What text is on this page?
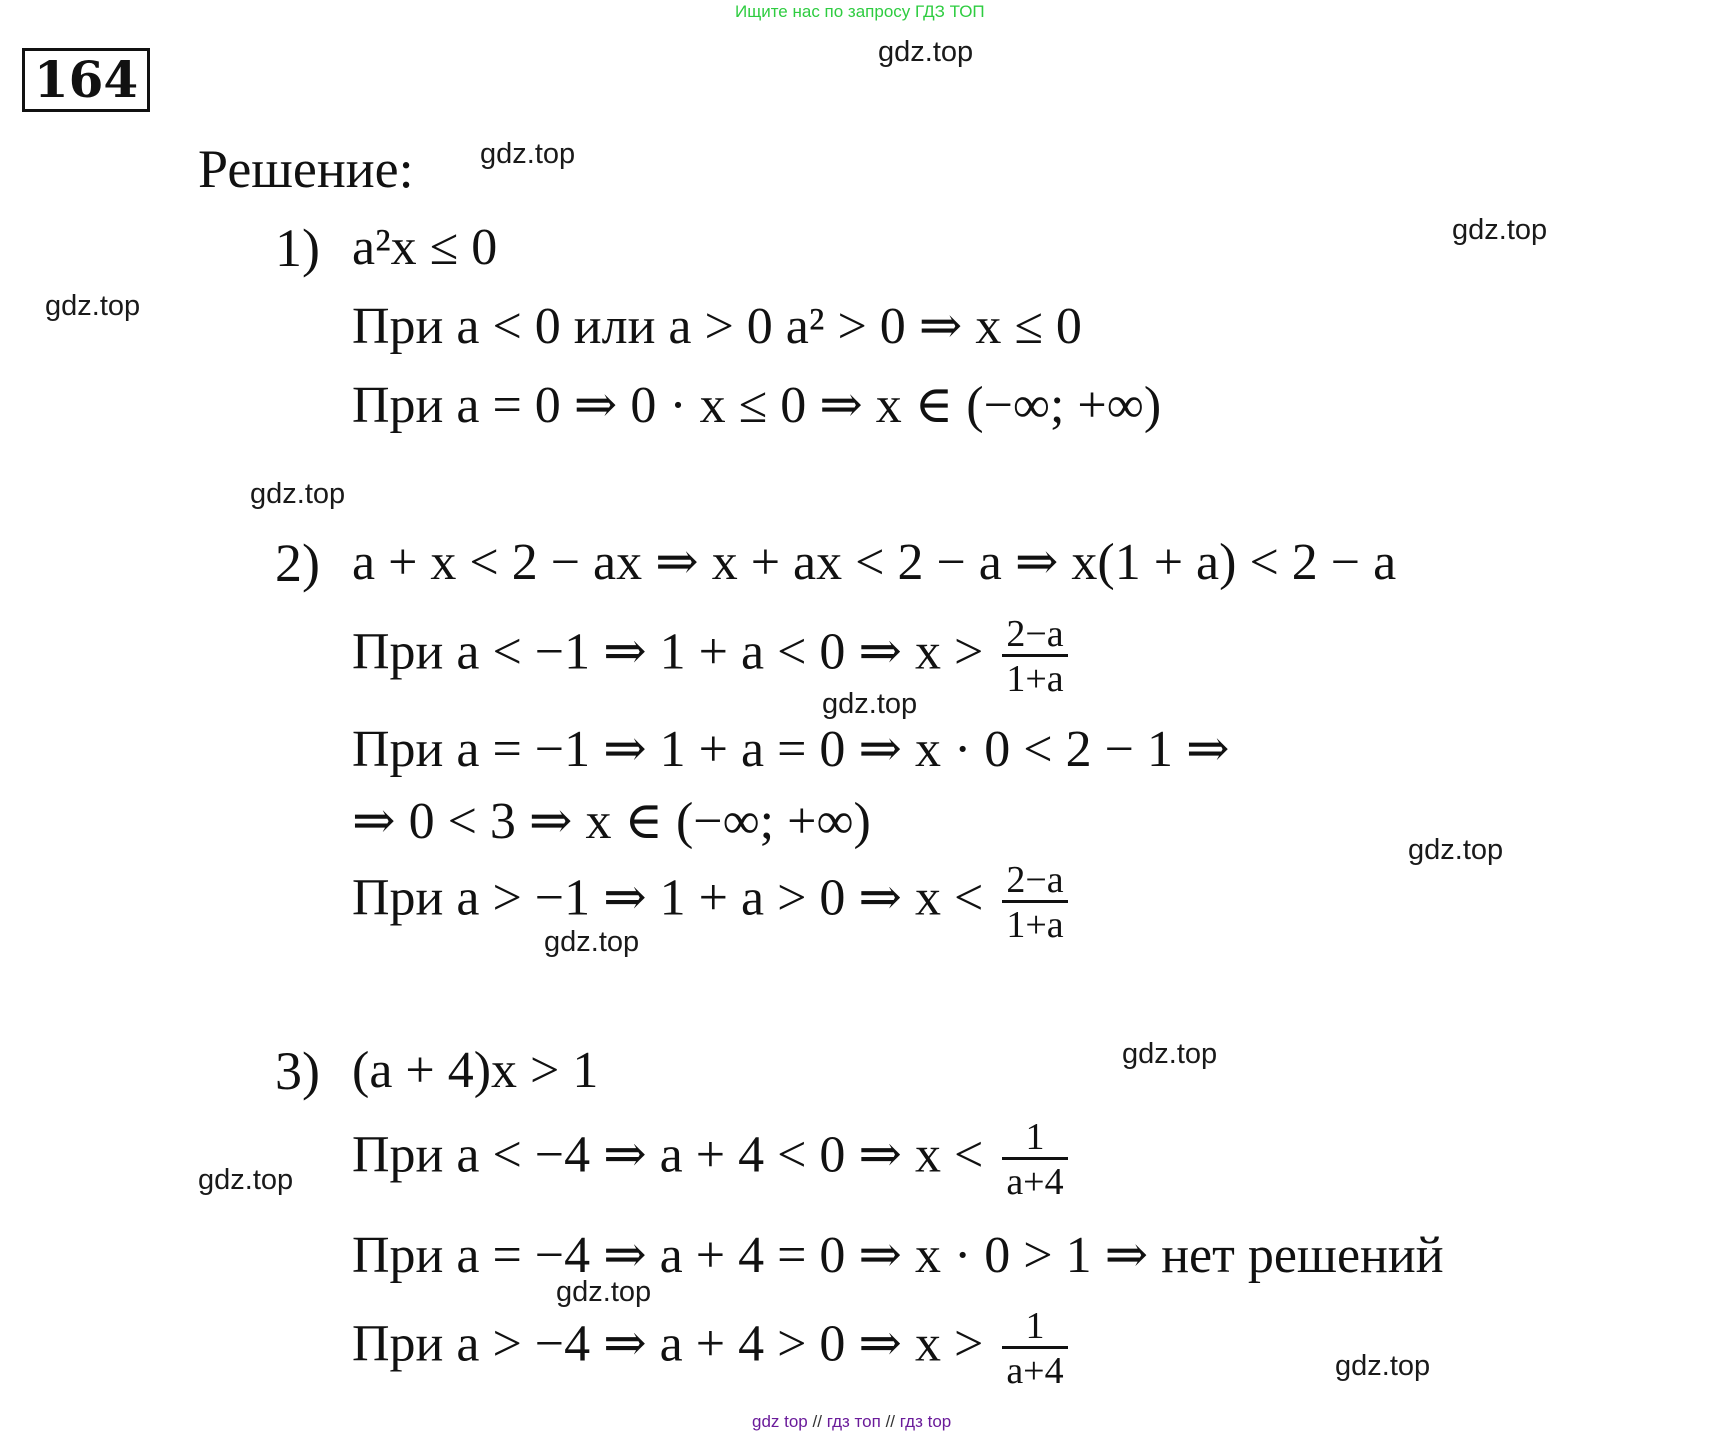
Ищите нас по запросу ГДЗ ТОП
164	gdz.top
gdz.top
gdz.top
gdz.top
gdz.top
gdz.top
gdz.top
gdz.top
gdz.top
gdz.top
gdz.top
gdz.top
Решение:
1) a²x ≤ 0
При a < 0 или a > 0 a² > 0 ⇒ x ≤ 0
При a = 0 ⇒ 0 · x ≤ 0 ⇒ x ∈ (−∞; +∞)
2) a + x < 2 − ax ⇒ x + ax < 2 − a ⇒ x(1 + a) < 2 − a
При a < −1 ⇒ 1 + a < 0 ⇒ $x > \frac{2-a}{1+a}$
При a = −1 ⇒ 1 + a = 0 ⇒ x · 0 < 2 − 1 ⇒
⇒ 0 < 3 ⇒ x ∈ (−∞; +∞)
При a > −1 ⇒ 1 + a > 0 ⇒ $x < \frac{2-a}{1+a}$
3) (a + 4)x > 1
При a < −4 ⇒ a + 4 < 0 ⇒ $x < \frac{1}{a+4}$
При a = −4 ⇒ a + 4 = 0 ⇒ x · 0 > 1 ⇒ нет решений
При a > −4 ⇒ a + 4 > 0 ⇒ $x > \frac{1}{a+4}$
gdz top // гдз топ // гдз top
